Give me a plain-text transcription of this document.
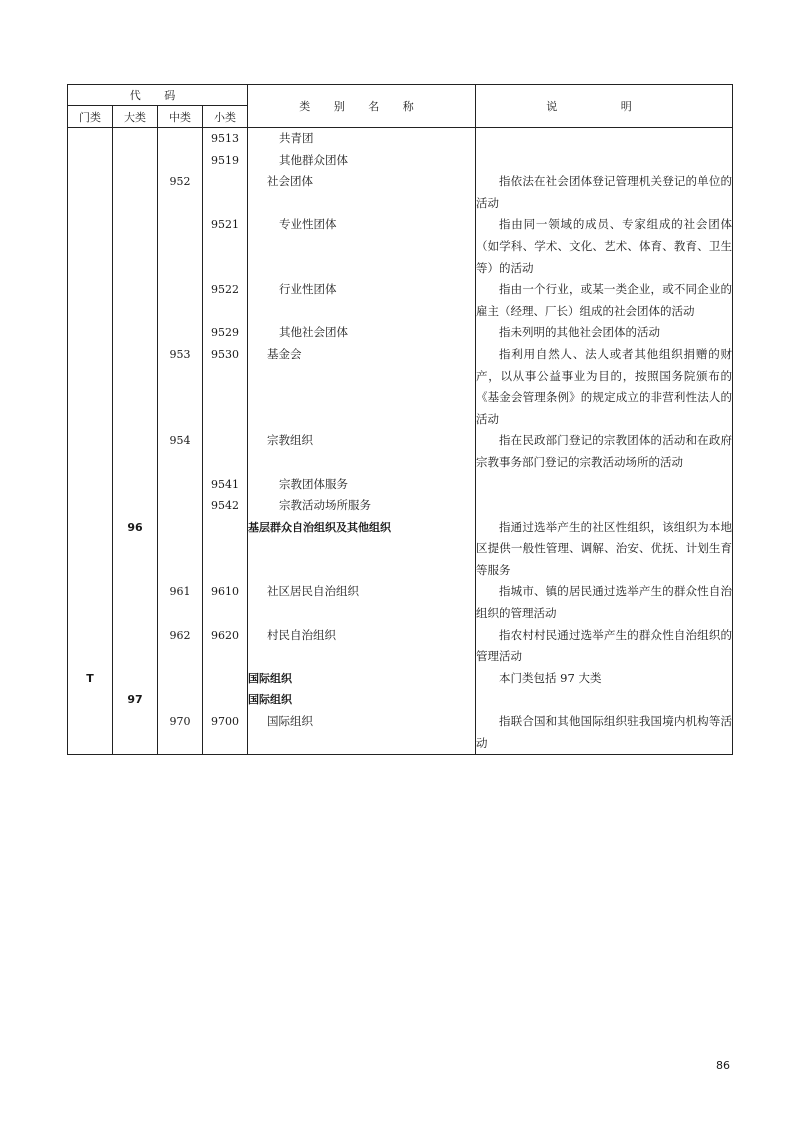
代 码				类 别 名 称	说 明
门类	大类	中类	小类		
			9513	共青团	
			9519	其他群众团体	
		952		社会团体	指依法在社会团体登记管理机关登记的单位的活动
			9521	专业性团体	指由同一领域的成员、专家组成的社会团体（如学科、学术、文化、艺术、体育、教育、卫生等）的活动
			9522	行业性团体	指由一个行业，或某一类企业，或不同企业的雇主（经理、厂长）组成的社会团体的活动
			9529	其他社会团体	指未列明的其他社会团体的活动
		953	9530	基金会	指利用自然人、法人或者其他组织捐赠的财产，以从事公益事业为目的，按照国务院颁布的《基金会管理条例》的规定成立的非营利性法人的活动
		954		宗教组织	指在民政部门登记的宗教团体的活动和在政府宗教事务部门登记的宗教活动场所的活动
			9541	宗教团体服务	
			9542	宗教活动场所服务	
	96			基层群众自治组织及其他组织	指通过选举产生的社区性组织，该组织为本地区提供一般性管理、调解、治安、优抚、计划生育等服务
		961	9610	社区居民自治组织	指城市、镇的居民通过选举产生的群众性自治组织的管理活动
		962	9620	村民自治组织	指农村村民通过选举产生的群众性自治组织的管理活动
T				国际组织	本门类包括 97 大类
	97			国际组织	
		970	9700	国际组织	指联合国和其他国际组织驻我国境内机构等活动
86
